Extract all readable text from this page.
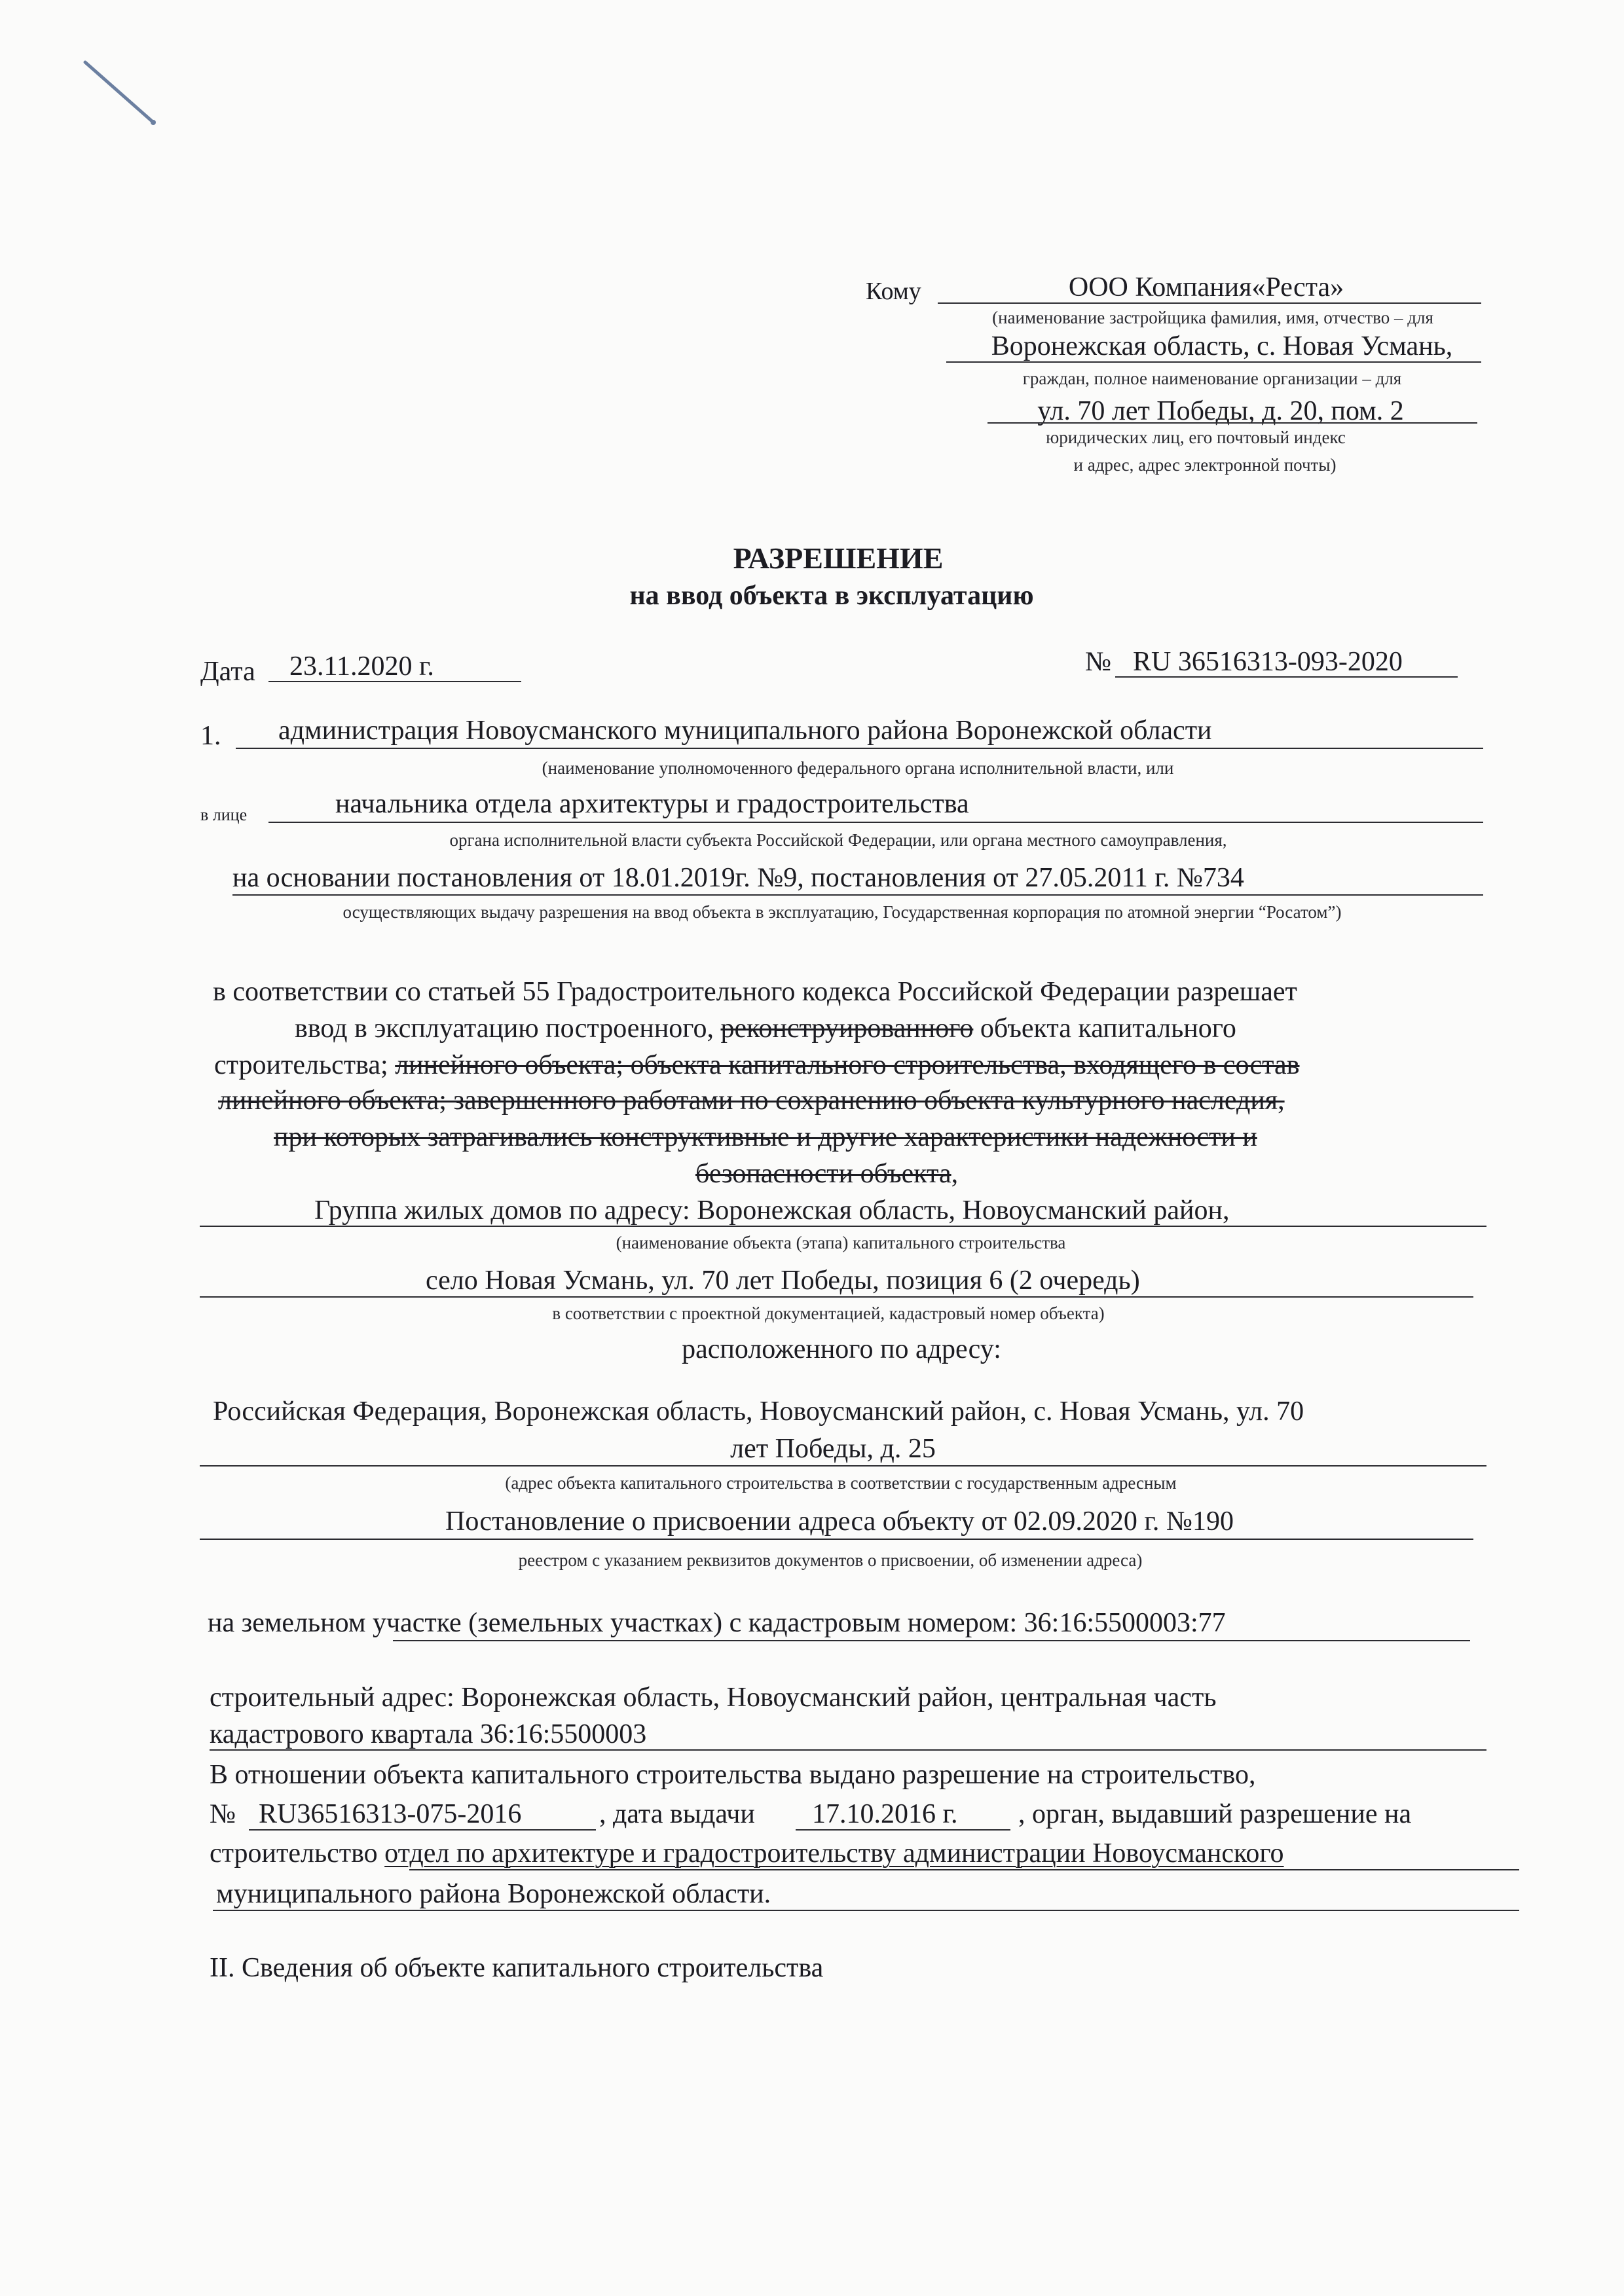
Кому	ООО Компания«Реста»
(наименование застройщика фамилия, имя, отчество – для
Воронежская область, с. Новая Усмань,
граждан, полное наименование организации – для
ул. 70 лет Победы, д. 20, пом. 2
юридических лиц, его почтовый индекс
и адрес, адрес электронной почты)
РАЗРЕШЕНИЕ
на ввод объекта в эксплуатацию
Дата 23.11.2020 г.	№ RU 36516313-093-2020
1. администрация Новоусманского муниципального района Воронежской области
(наименование уполномоченного федерального органа исполнительной власти, или
в лице	начальника отдела архитектуры и градостроительства
органа исполнительной власти субъекта Российской Федерации, или органа местного самоуправления,
на основании постановления от 18.01.2019г. №9, постановления от 27.05.2011 г. №734
осуществляющих выдачу разрешения на ввод объекта в эксплуатацию, Государственная корпорация по атомной энергии “Росатом”)
в соответствии со статьей 55 Градостроительного кодекса Российской Федерации разрешает
ввод в эксплуатацию построенного, реконструированного объекта капитального
строительства; линейного объекта; объекта капитального строительства, входящего в состав
линейного объекта; завершенного работами по сохранению объекта культурного наследия,
при которых затрагивались конструктивные и другие характеристики надежности и
безопасности объекта,
Группа жилых домов по адресу: Воронежская область, Новоусманский район,
(наименование объекта (этапа) капитального строительства
село Новая Усмань, ул. 70 лет Победы, позиция 6 (2 очередь)
в соответствии с проектной документацией, кадастровый номер объекта)
расположенного по адресу:
Российская Федерация, Воронежская область, Новоусманский район, с. Новая Усмань, ул. 70
лет Победы, д. 25
(адрес объекта капитального строительства в соответствии с государственным адресным
Постановление о присвоении адреса объекту от 02.09.2020 г. №190
реестром с указанием реквизитов документов о присвоении, об изменении адреса)
на земельном участке (земельных участках) с кадастровым номером: 36:16:5500003:77
строительный адрес: Воронежская область, Новоусманский район, центральная часть
кадастрового квартала 36:16:5500003
В отношении объекта капитального строительства выдано разрешение на строительство,
№ RU36516313-075-2016	, дата выдачи 17.10.2016 г. , орган, выдавший разрешение на
строительство отдел по архитектуре и градостроительству администрации Новоусманского
муниципального района Воронежской области.
II. Сведения об объекте капитального строительства
